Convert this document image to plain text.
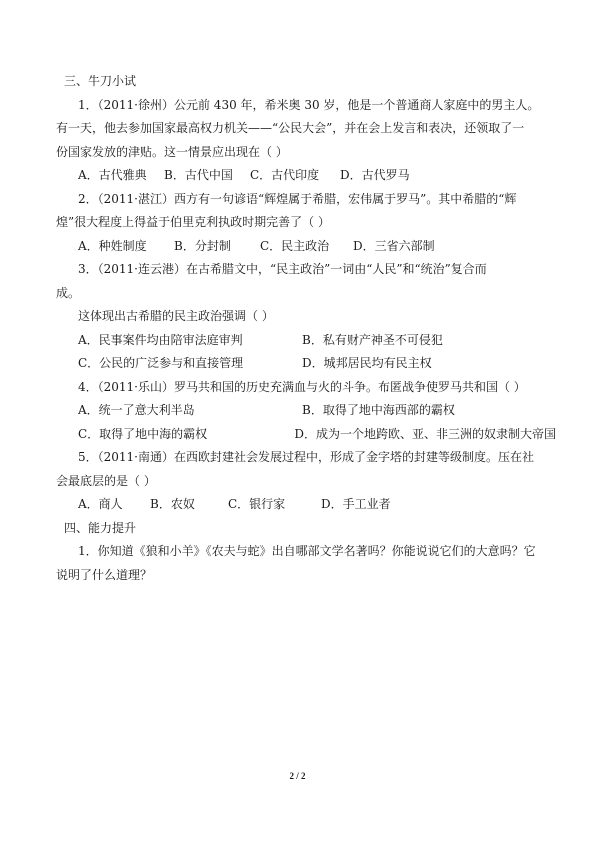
三、牛刀小试

1．（2011·徐州）公元前 430 年，希米奥 30 岁，他是一个普通商人家庭中的男主人。

有一天，他去参加国家最高权力机关——“公民大会”，并在会上发言和表决，还领取了一

份国家发放的津贴。这一情景应出现在（ ）

A．古代雅典	B．古代中国	C．古代印度	D．古代罗马

2．（2011·湛江）西方有一句谚语“辉煌属于希腊，宏伟属于罗马”。其中希腊的“辉

煌”很大程度上得益于伯里克利执政时期完善了（ ）

A．种姓制度	B．分封制	C．民主政治	D．三省六部制

3．（2011·连云港）在古希腊文中，“民主政治”一词由“人民”和“统治”复合而

成。

这体现出古希腊的民主政治强调（ ）

A．民事案件均由陪审法庭审判	B．私有财产神圣不可侵犯
C．公民的广泛参与和直接管理	D．城邦居民均有民主权

4．（2011·乐山）罗马共和国的历史充满血与火的斗争。布匿战争使罗马共和国（ ）

A．统一了意大利半岛	B．取得了地中海西部的霸权
C．取得了地中海的霸权	D．成为一个地跨欧、亚、非三洲的奴隶制大帝国

5．（2011·南通）在西欧封建社会发展过程中，形成了金字塔的封建等级制度。压在社

会最底层的是（ ）

A．商人	B．农奴	C．银行家	D．手工业者

四、能力提升

1．你知道《狼和小羊》《农夫与蛇》出自哪部文学名著吗？你能说说它们的大意吗？它

说明了什么道理？

2 / 2
